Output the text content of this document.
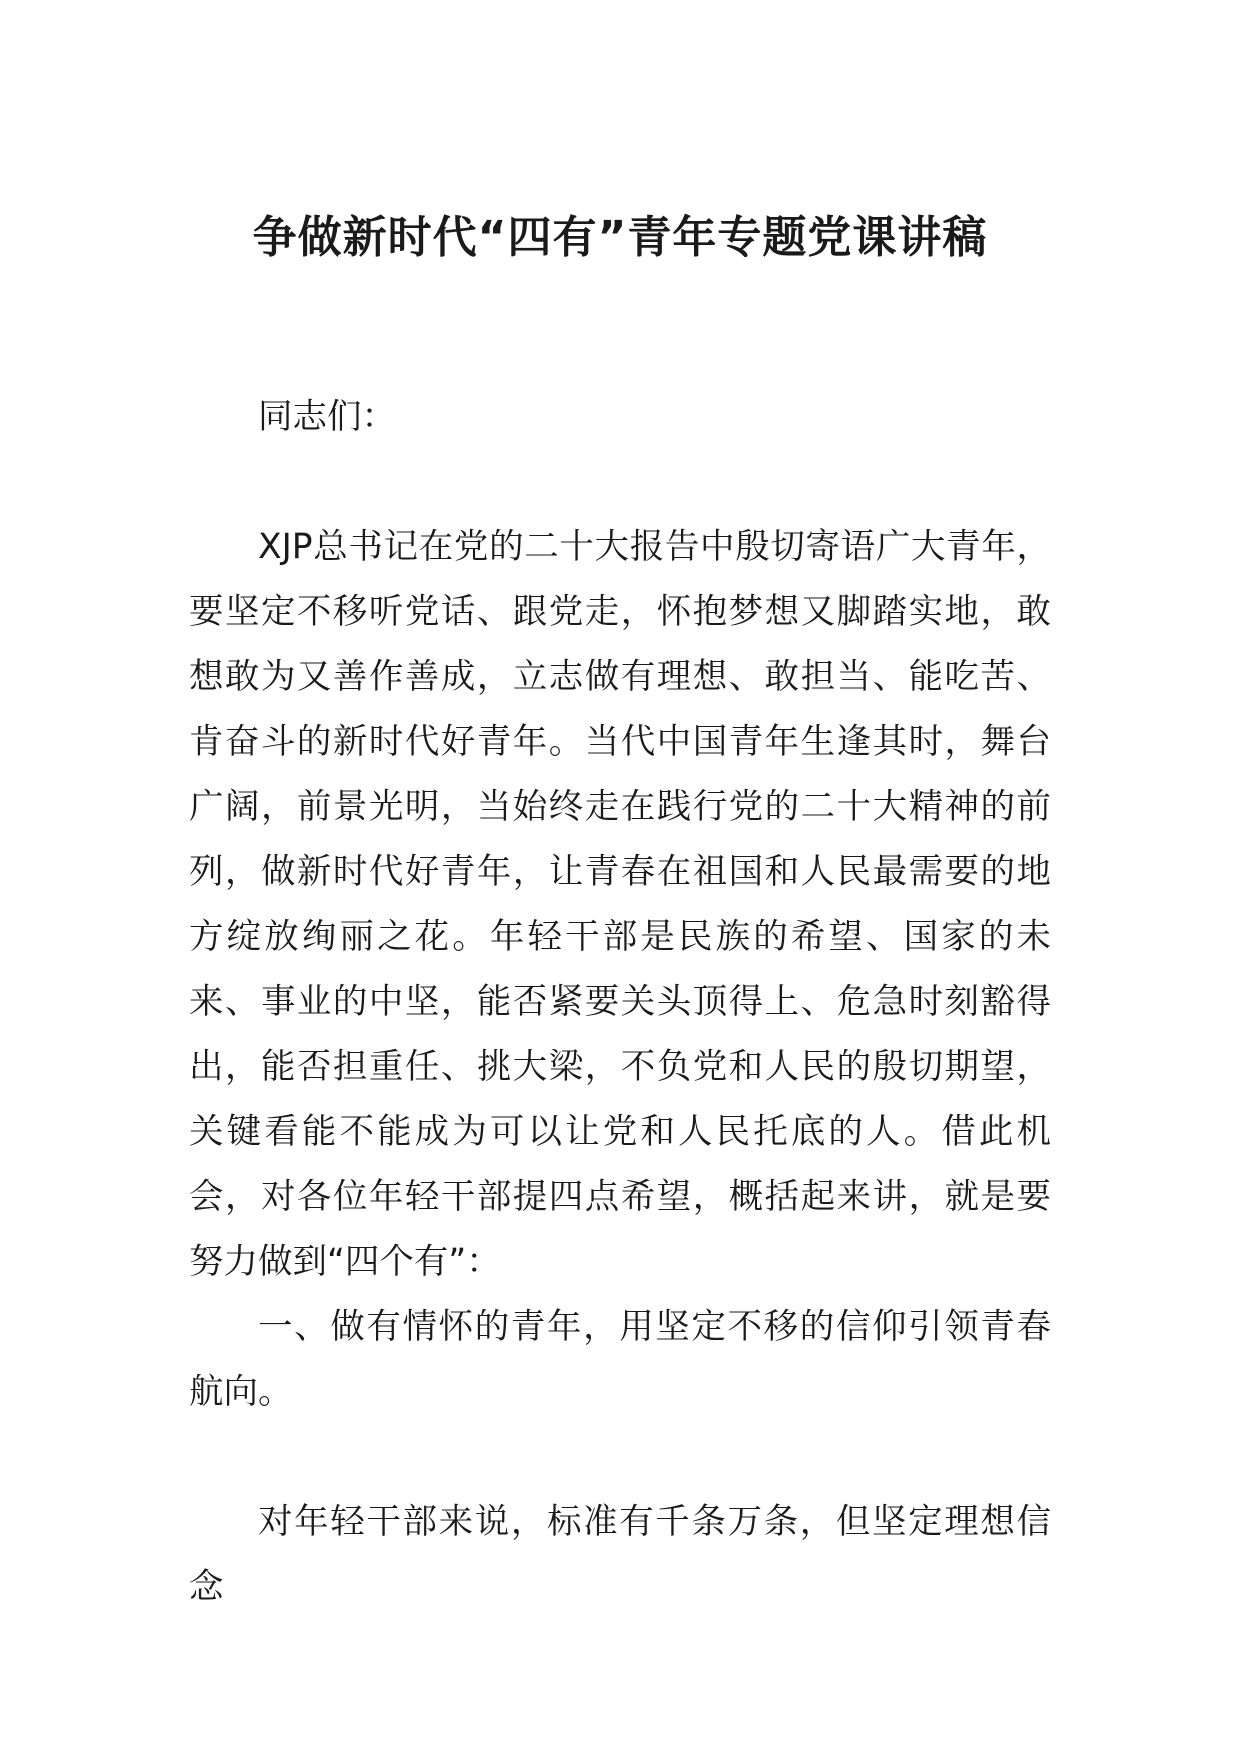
争做新时代“四有”青年专题党课讲稿

同志们：

XJP总书记在党的二十大报告中殷切寄语广大青年，要坚定不移听党话、跟党走，怀抱梦想又脚踏实地，敢想敢为又善作善成，立志做有理想、敢担当、能吃苦、肯奋斗的新时代好青年。当代中国青年生逢其时，舞台广阔，前景光明，当始终走在践行党的二十大精神的前列，做新时代好青年，让青春在祖国和人民最需要的地方绽放绚丽之花。年轻干部是民族的希望、国家的未来、事业的中坚，能否紧要关头顶得上、危急时刻豁得出，能否担重任、挑大梁，不负党和人民的殷切期望，关键看能不能成为可以让党和人民托底的人。借此机会，对各位年轻干部提四点希望，概括起来讲，就是要努力做到“四个有”：

一、做有情怀的青年，用坚定不移的信仰引领青春航向。

对年轻干部来说，标准有千条万条，但坚定理想信念
